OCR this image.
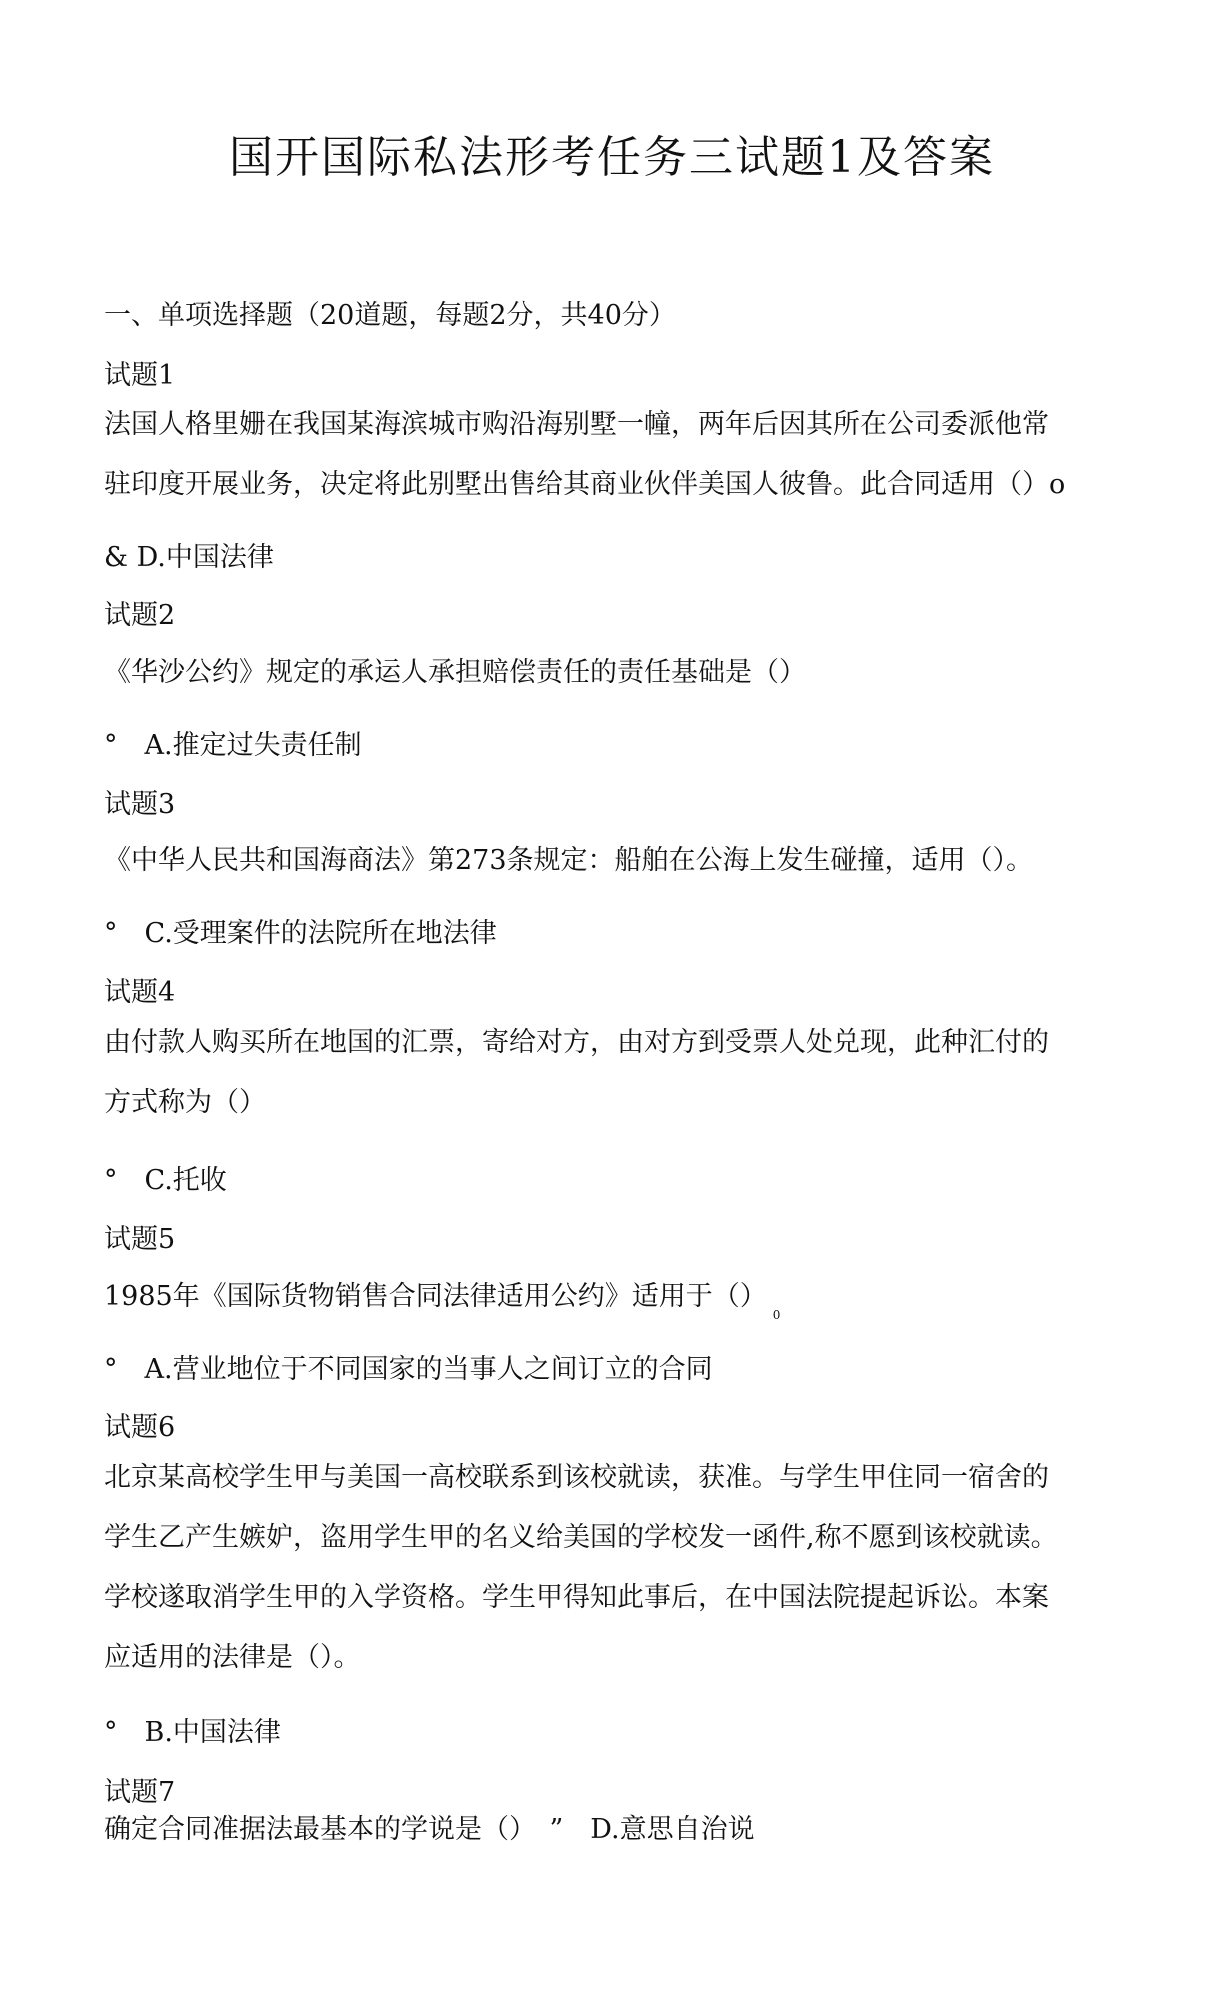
国开国际私法形考任务三试题1及答案

一、单项选择题（20道题，每题2分，共40分）

试题1

法国人格里姗在我国某海滨城市购沿海别墅一幢，两年后因其所在公司委派他常
驻印度开展业务，决定将此别墅出售给其商业伙伴美国人彼鲁。此合同适用（）o

& D.中国法律

试题2

《华沙公约》规定的承运人承担赔偿责任的责任基础是（）

°　A.推定过失责任制

试题3

《中华人民共和国海商法》第273条规定：船舶在公海上发生碰撞，适用（）。

°　C.受理案件的法院所在地法律

试题4

由付款人购买所在地国的汇票，寄给对方，由对方到受票人处兑现，此种汇付的
方式称为（）

°　C.托收

试题5

1985年《国际货物销售合同法律适用公约》适用于$()_0$

°　A.营业地位于不同国家的当事人之间订立的合同

试题6

北京某高校学生甲与美国一高校联系到该校就读，获准。与学生甲住同一宿舍的
学生乙产生嫉妒，盗用学生甲的名义给美国的学校发一函件,称不愿到该校就读。
学校遂取消学生甲的入学资格。学生甲得知此事后，在中国法院提起诉讼。本案
应适用的法律是（）。

°　B.中国法律

试题7

确定合同准据法最基本的学说是（）　”　D.意思自治说
